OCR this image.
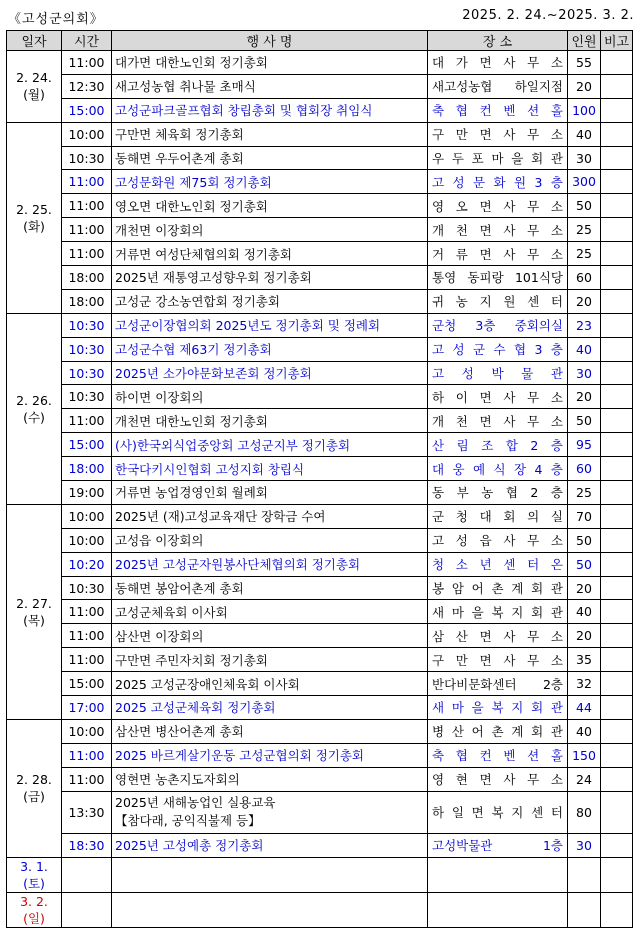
《고성군의회》	2025. 2. 24.~2025. 3. 2.
일자	시간	행 사 명	장 소	인원	비고

2. 24.
(월)	11:00	대가면 대한노인회 정기총회	대 가 면 사 무 소	55	
	12:30	새고성농협 취나물 초매식	새고성농협 하일지점	20	
	15:00	고성군파크골프협회 창립총회 및 협회장 취임식	축 협 컨 벤 션 홀	100	

2. 25.
(화)	10:00	구만면 체육회 정기총회	구 만 면 사 무 소	40	
	10:30	동해면 우두어촌계 총회	우 두 포 마 을 회 관	30	
	11:00	고성문화원 제75회 정기총회	고 성 문 화 원 3 층	300	
	11:00	영오면 대한노인회 정기총회	영 오 면 사 무 소	50	
	11:00	개천면 이장회의	개 천 면 사 무 소	25	
	11:00	거류면 여성단체협의회 정기총회	거 류 면 사 무 소	25	
	18:00	2025년 재통영고성향우회 정기총회	통영 동피랑 101식당	60	
	18:00	고성군 강소농연합회 정기총회	귀 농 지 원 센 터	20	

2. 26.
(수)	10:30	고성군이장협의회 2025년도 정기총회 및 정례회	군청 3층 중회의실	23	
	10:30	고성군수협 제63기 정기총회	고 성 군 수 협 3 층	40	
	10:30	2025년 소가야문화보존회 정기총회	고 성 박 물 관	30	
	10:30	하이면 이장회의	하 이 면 사 무 소	20	
	11:00	개천면 대한노인회 정기총회	개 천 면 사 무 소	50	
	15:00	(사)한국외식업중앙회 고성군지부 정기총회	산 림 조 합 2 층	95	
	18:00	한국다키시인협회 고성지회 창립식	대 웅 예 식 장 4 층	60	
	19:00	거류면 농업경영인회 월례회	동 부 농 협 2 층	25	

2. 27.
(목)	10:00	2025년 (재)고성교육재단 장학금 수여	군 청 대 회 의 실	70	
	10:00	고성읍 이장회의	고 성 읍 사 무 소	50	
	10:20	2025년 고성군자원봉사단체협의회 정기총회	청 소 년 센 터 온	50	
	10:30	동해면 봉암어촌계 총회	봉 암 어 촌 계 회 관	20	
	11:00	고성군체육회 이사회	새 마 을 복 지 회 관	40	
	11:00	삼산면 이장회의	삼 산 면 사 무 소	20	
	11:00	구만면 주민자치회 정기총회	구 만 면 사 무 소	35	
	15:00	2025 고성군장애인체육회 이사회	반다비문화센터 2층	32	
	17:00	2025 고성군체육회 정기총회	새 마 을 복 지 회 관	44	

2. 28.
(금)	10:00	삼산면 병산어촌계 총회	병 산 어 촌 계 회 관	40	
	11:00	2025 바르게살기운동 고성군협의회 정기총회	축 협 컨 벤 션 홀	150	
	11:00	영현면 농촌지도자회의	영 현 면 사 무 소	24	
	13:30	2025년 새해농업인 실용교육
【참다래, 공익직불제 등】	하 일 면 복 지 센 터	80	
	18:30	2025년 고성예총 정기총회	고성박물관 1층	30	

3. 1.
(토)					

3. 2.
(일)					
